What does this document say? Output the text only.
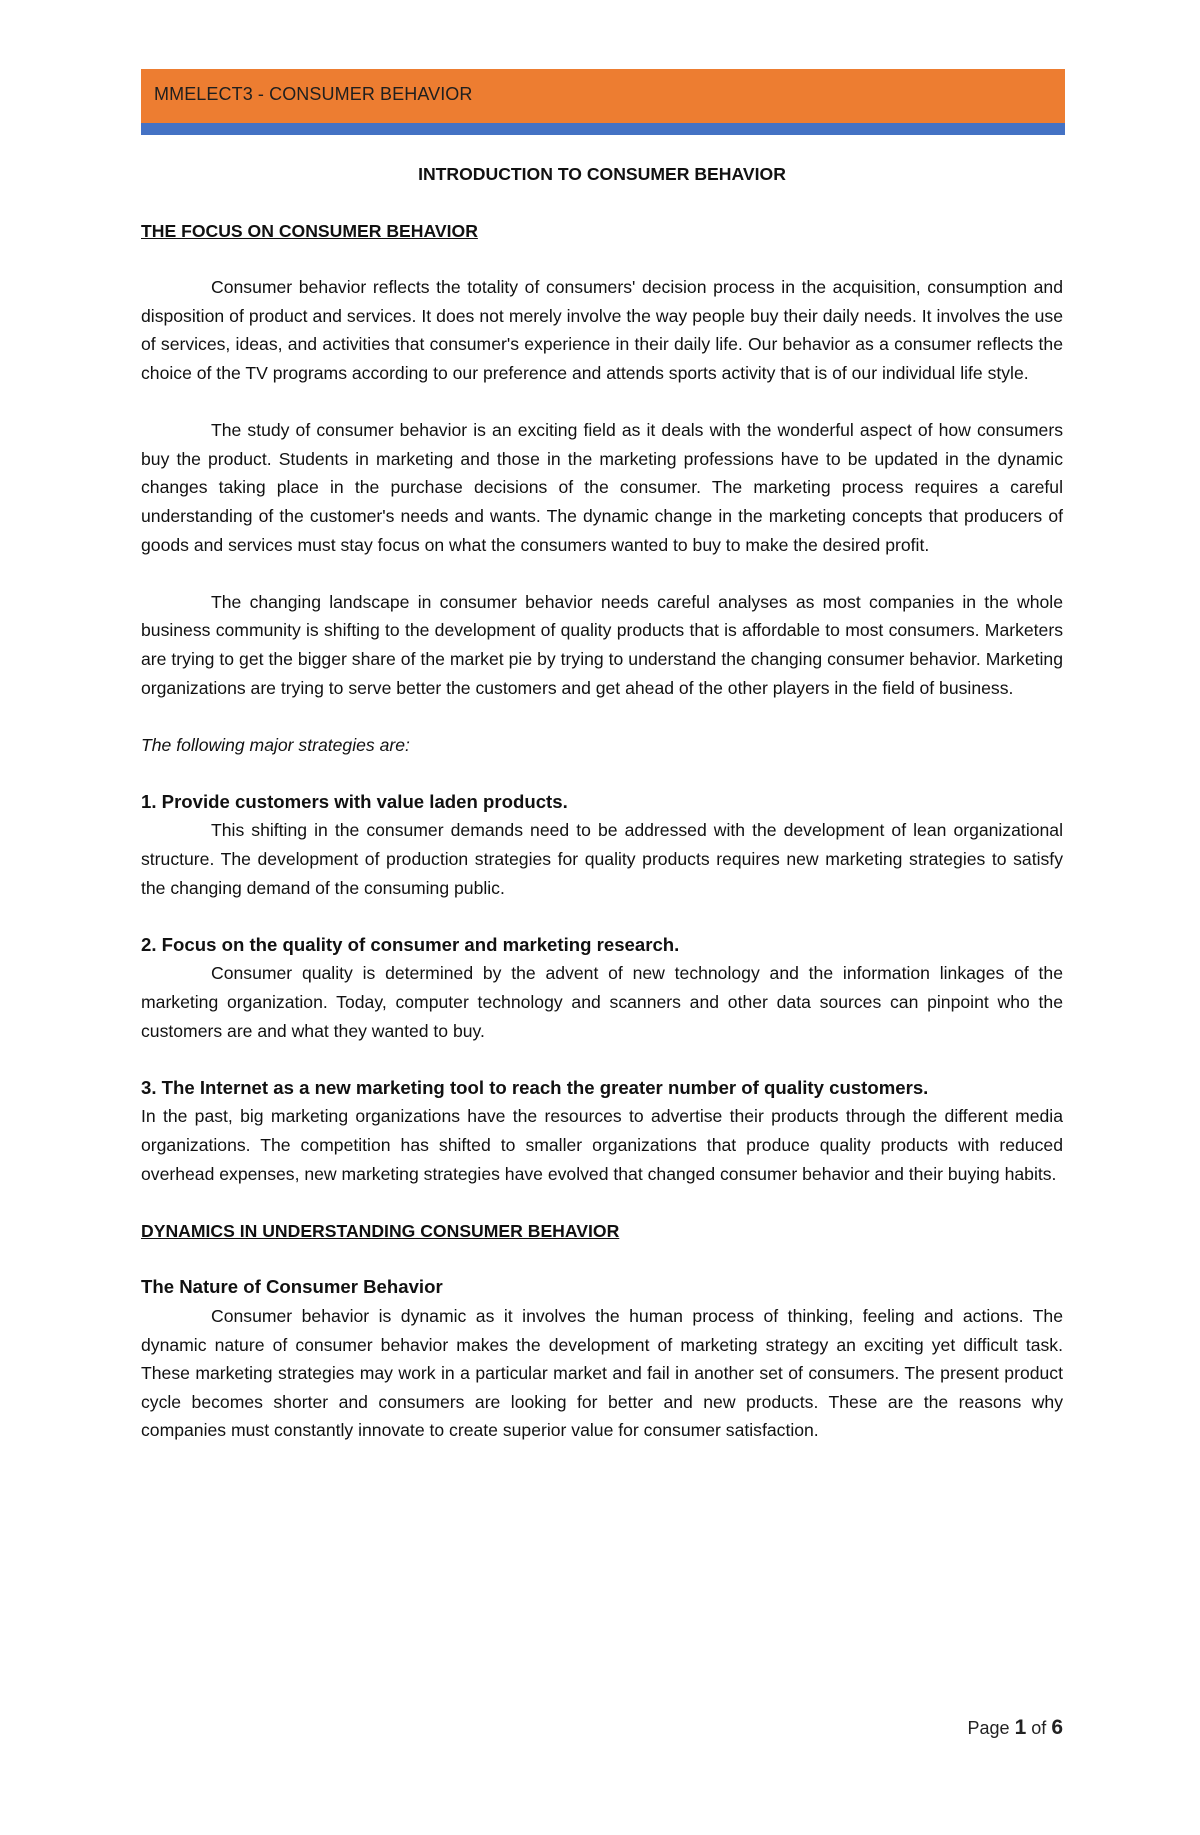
MMELECT3 - CONSUMER BEHAVIOR
INTRODUCTION TO CONSUMER BEHAVIOR
THE FOCUS ON CONSUMER BEHAVIOR

Consumer behavior reflects the totality of consumers' decision process in the acquisition, consumption and disposition of product and services. It does not merely involve the way people buy their daily needs. It involves the use of services, ideas, and activities that consumer's experience in their daily life. Our behavior as a consumer reflects the choice of the TV programs according to our preference and attends sports activity that is of our individual life style.

The study of consumer behavior is an exciting field as it deals with the wonderful aspect of how consumers buy the product. Students in marketing and those in the marketing professions have to be updated in the dynamic changes taking place in the purchase decisions of the consumer. The marketing process requires a careful understanding of the customer's needs and wants. The dynamic change in the marketing concepts that producers of goods and services must stay focus on what the consumers wanted to buy to make the desired profit.

The changing landscape in consumer behavior needs careful analyses as most companies in the whole business community is shifting to the development of quality products that is affordable to most consumers. Marketers are trying to get the bigger share of the market pie by trying to understand the changing consumer behavior. Marketing organizations are trying to serve better the customers and get ahead of the other players in the field of business.

The following major strategies are:

1. Provide customers with value laden products.

This shifting in the consumer demands need to be addressed with the development of lean organizational structure. The development of production strategies for quality products requires new marketing strategies to satisfy the changing demand of the consuming public.

2. Focus on the quality of consumer and marketing research.

Consumer quality is determined by the advent of new technology and the information linkages of the marketing organization. Today, computer technology and scanners and other data sources can pinpoint who the customers are and what they wanted to buy.

3. The Internet as a new marketing tool to reach the greater number of quality customers.

In the past, big marketing organizations have the resources to advertise their products through the different media organizations. The competition has shifted to smaller organizations that produce quality products with reduced overhead expenses, new marketing strategies have evolved that changed consumer behavior and their buying habits.

DYNAMICS IN UNDERSTANDING CONSUMER BEHAVIOR
The Nature of Consumer Behavior

Consumer behavior is dynamic as it involves the human process of thinking, feeling and actions. The dynamic nature of consumer behavior makes the development of marketing strategy an exciting yet difficult task. These marketing strategies may work in a particular market and fail in another set of consumers. The present product cycle becomes shorter and consumers are looking for better and new products. These are the reasons why companies must constantly innovate to create superior value for consumer satisfaction.

Page 1 of 6
